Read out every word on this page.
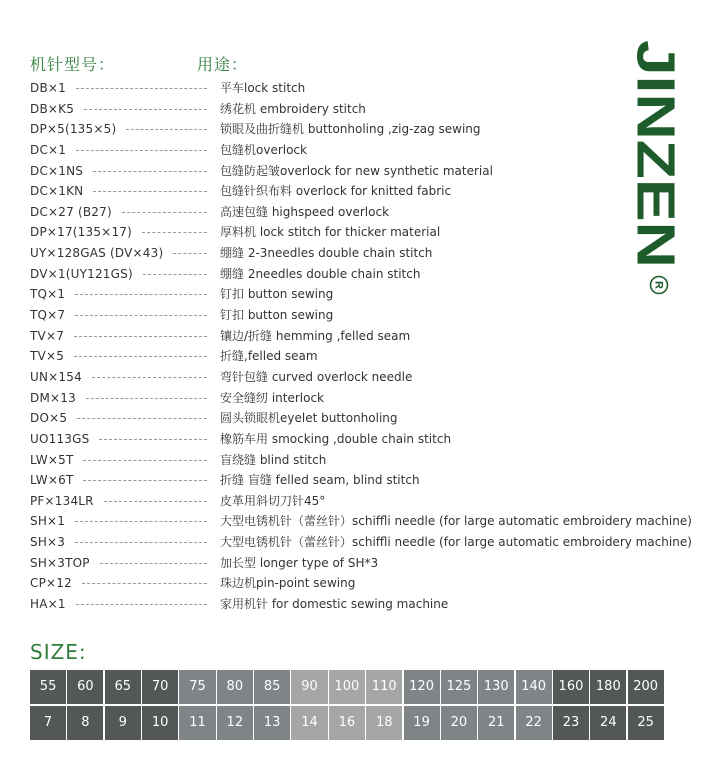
机针型号：	用途：
DB×1	平车lock stitch
DB×K5	绣花机 embroidery stitch
DP×5(135×5)	锁眼及曲折缝机 buttonholing ,zig-zag sewing
DC×1	包缝机overlock
DC×1NS	包缝防起皱overlock for new synthetic material
DC×1KN	包缝针织布料 overlock for knitted fabric
DC×27 (B27)	高速包缝 highspeed overlock
DP×17(135×17)	厚料机 lock stitch for thicker material
UY×128GAS (DV×43)	绷缝 2-3needles double chain stitch
DV×1(UY121GS)	绷缝 2needles double chain stitch
TQ×1	钉扣 button sewing
TQ×7	钉扣 button sewing
TV×7	镶边/折缝 hemming ,felled seam
TV×5	折缝,felled seam
UN×154	弯针包缝 curved overlock needle
DM×13	安全缝纫 interlock
DO×5	圆头锁眼机eyelet buttonholing
UO113GS	橡筋车用 smocking ,double chain stitch
LW×5T	盲绕缝 blind stitch
LW×6T	折缝 盲缝 felled seam, blind stitch
PF×134LR	皮革用斜切刀针45°
SH×1	大型电锈机针（蕾丝针）schiffli needle (for large automatic embroidery machine)
SH×3	大型电锈机针（蕾丝针）schiffli needle (for large automatic embroidery machine)
SH×3TOP	加长型 longer type of SH*3
CP×12	珠边机pin-point sewing
HA×1	家用机针 for domestic sewing machine
JINZEN
R
SIZE:
55	60	65	70	75	80	85	90	100 110 120 125 130 140 160 180 200
7	8	9	10	11	12	13	14	16	18	19	20	21	22	23	24	25
